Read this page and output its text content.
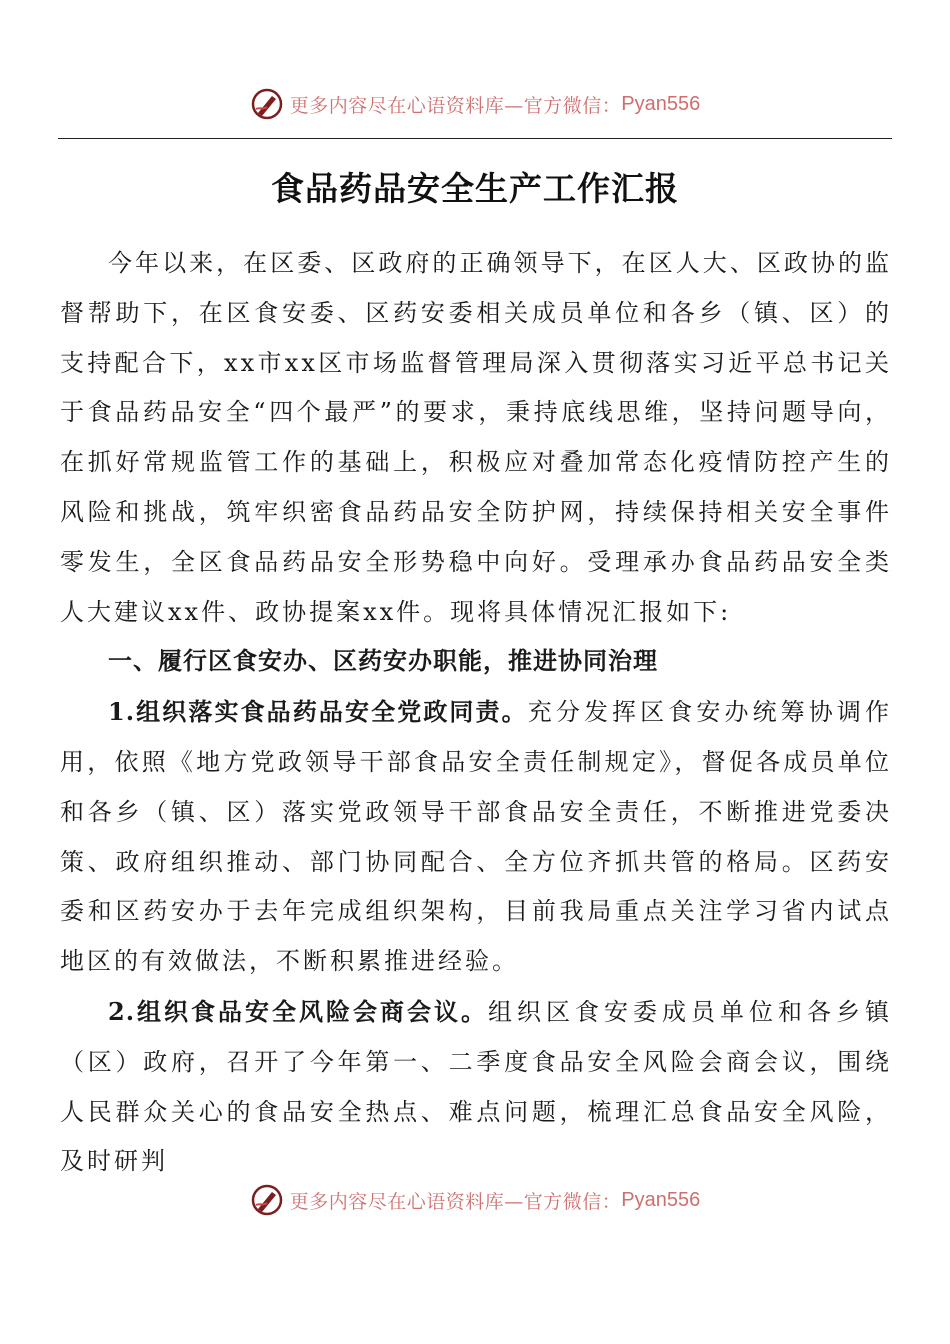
更多内容尽在心语资料库—官方微信： Pyan556
食品药品安全生产工作汇报

今年以来，在区委、区政府的正确领导下，在区人大、区政协的监督帮助下，在区食安委、区药安委相关成员单位和各乡（镇、区）的支持配合下，xx市xx区市场监督管理局深入贯彻落实习近平总书记关于食品药品安全“四个最严”的要求，秉持底线思维，坚持问题导向，在抓好常规监管工作的基础上，积极应对叠加常态化疫情防控产生的风险和挑战，筑牢织密食品药品安全防护网，持续保持相关安全事件零发生，全区食品药品安全形势稳中向好。受理承办食品药品安全类人大建议xx件、政协提案xx件。现将具体情况汇报如下:

一、履行区食安办、区药安办职能，推进协同治理

1.组织落实食品药品安全党政同责。充分发挥区食安办统筹协调作用，依照《地方党政领导干部食品安全责任制规定》，督促各成员单位和各乡（镇、区）落实党政领导干部食品安全责任，不断推进党委决策、政府组织推动、部门协同配合、全方位齐抓共管的格局。区药安委和区药安办于去年完成组织架构，目前我局重点关注学习省内试点地区的有效做法，不断积累推进经验。

2.组织食品安全风险会商会议。组织区食安委成员单位和各乡镇（区）政府，召开了今年第一、二季度食品安全风险会商会议，围绕人民群众关心的食品安全热点、难点问题，梳理汇总食品安全风险，及时研判

更多内容尽在心语资料库—官方微信： Pyan556
